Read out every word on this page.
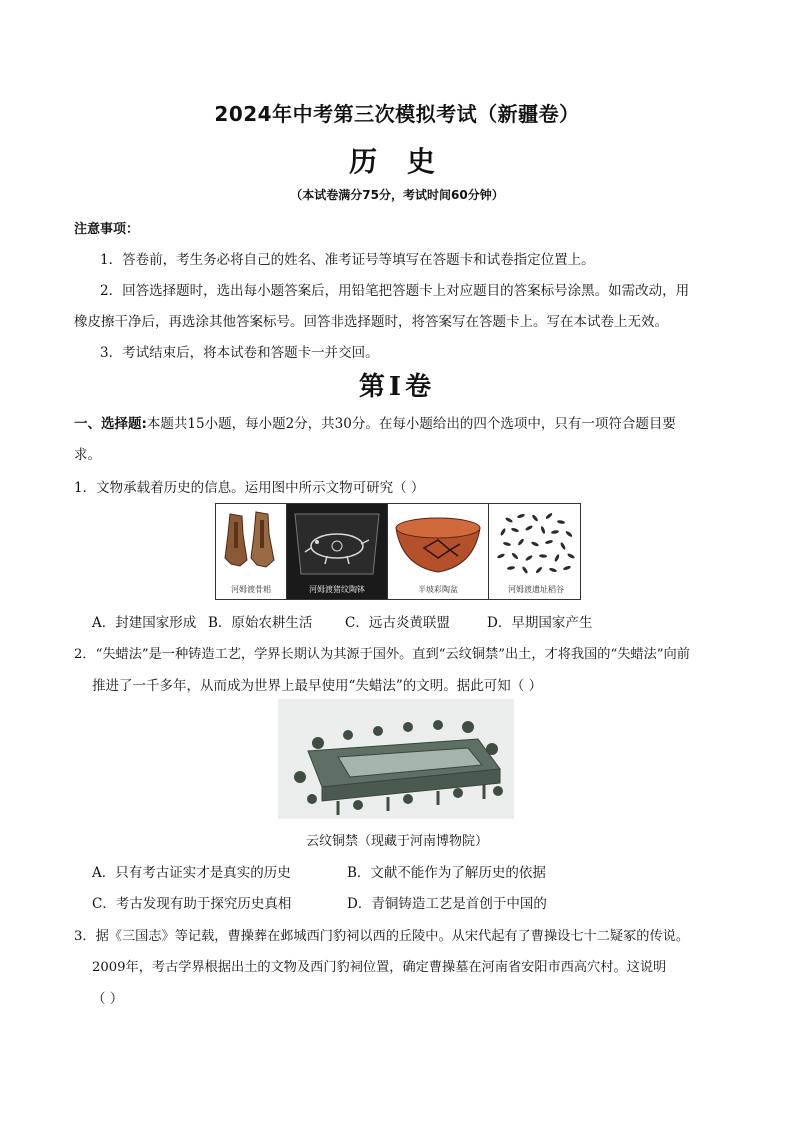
2024年中考第三次模拟考试（新疆卷）
历 史
（本试卷满分75分，考试时间60分钟）
注意事项：
1．答卷前，考生务必将自己的姓名、准考证号等填写在答题卡和试卷指定位置上。
2．回答选择题时，选出每小题答案后，用铅笔把答题卡上对应题目的答案标号涂黑。如需改动，用
橡皮擦干净后，再选涂其他答案标号。回答非选择题时，将答案写在答题卡上。写在本试卷上无效。
3．考试结束后，将本试卷和答题卡一并交回。
第Ⅰ卷
一、选择题:本题共15小题，每小题2分，共30分。在每小题给出的四个选项中，只有一项符合题目要
求。
1．文物承载着历史的信息。运用图中所示文物可研究（ ）
河姆渡骨耜	河姆渡猪纹陶钵	半坡彩陶盆	河姆渡遗址稻谷
A．封建国家形成 B．原始农耕生活 C．远古炎黄联盟	D．早期国家产生
2．“失蜡法”是一种铸造工艺，学界长期认为其源于国外。直到“云纹铜禁”出土，才将我国的“失蜡法”向前
推进了一千多年，从而成为世界上最早使用“失蜡法”的文明。据此可知（ ）
云纹铜禁（现藏于河南博物院）
A．只有考古证实才是真实的历史	B．文献不能作为了解历史的依据
C．考古发现有助于探究历史真相	D．青铜铸造工艺是首创于中国的
3．据《三国志》等记载，曹操葬在邺城西门豹祠以西的丘陵中。从宋代起有了曹操设七十二疑冢的传说。
2009年，考古学界根据出土的文物及西门豹祠位置，确定曹操墓在河南省安阳市西高穴村。这说明
（ ）
